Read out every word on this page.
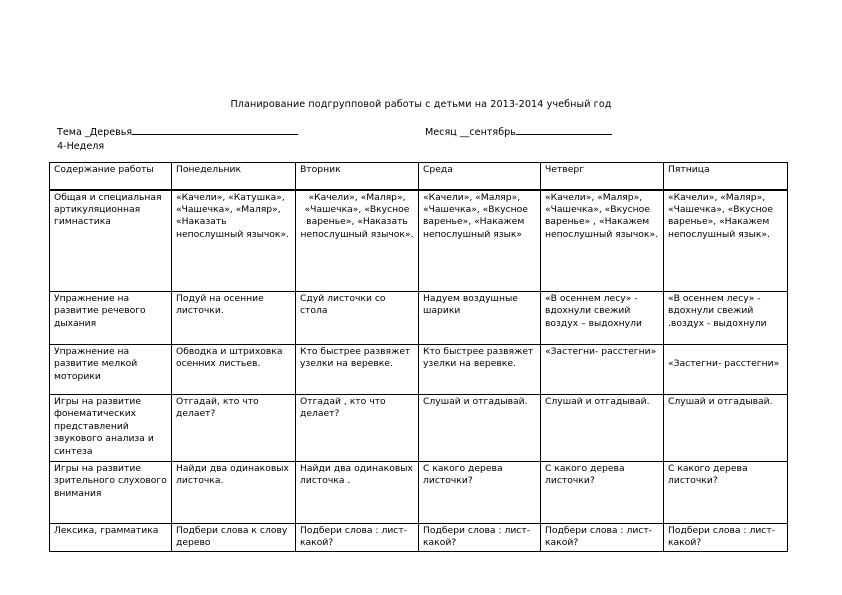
Планирование подгрупповой работы с детьми на 2013-2014 учебный год
Тема _Деревья
4-Неделя
Месяц __сентябрь
Содержание работы	Понедельник	Вторник	Среда	Четверг	Пятница
Общая и специальная артикуляционная гимнастика	«Качели», «Катушка», «Чашечка», «Маляр», «Наказать непослушный язычок».	«Качели», «Маляр», «Чашечка», «Вкусное варенье», «Наказать непослушный язычок».	«Качели», «Маляр», «Чашечка», «Вкусное варенье», «Накажем непослушный язык»	«Качели», «Маляр», «Чашечка», «Вкусное варенье» , «Накажем непослушный язычок».	«Качели», «Маляр», «Чашечка», «Вкусное варенье», «Накажем непослушный язык».
Упражнение на развитие речевого дыхания	Подуй на осенние листочки.	Сдуй листочки со стола	Надуем воздушные шарики	«В осеннем лесу» - вдохнули свежий воздух – выдохнули	«В осеннем лесу» - вдохнули свежий .воздух - выдохнули
Упражнение на развитие мелкой моторики	Обводка и штриховка осенних листьев.	Кто быстрее развяжет узелки на веревке.	Кто быстрее развяжет узелки на веревке.	«Застегни- расстегни»	«Застегни- расстегни»
Игры на развитие фонематических представлений звукового анализа и синтеза	Отгадай, кто что делает?	Отгадай , кто что делает?	Слушай и отгадывай.	Слушай и отгадывай.	Слушай и отгадывай.
Игры на развитие зрительного слухового внимания	Найди два одинаковых листочка.	Найди два одинаковых листочка .	С какого дерева листочки?	С какого дерева листочки?	С какого дерева листочки?
Лексика, грамматика	Подбери слова к слову дерево	Подбери слова : лист-какой?	Подбери слова : лист-какой?	Подбери слова : лист-какой?	Подбери слова : лист-какой?
